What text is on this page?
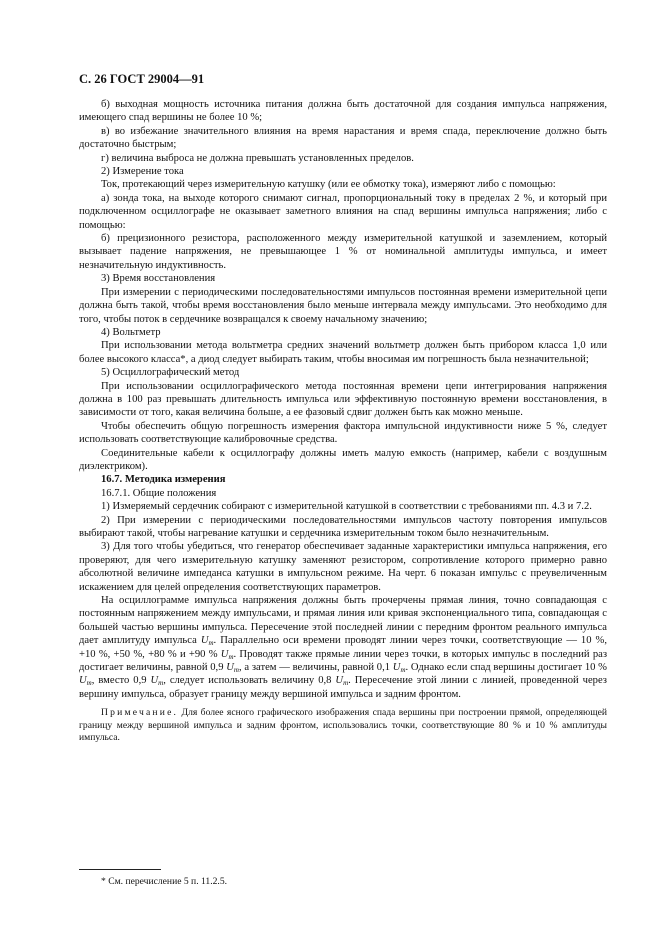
С. 26 ГОСТ 29004—91

б) выходная мощность источника питания должна быть достаточной для создания импульса напряжения, имеющего спад вершины не более 10 %;

в) во избежание значительного влияния на время нарастания и время спада, переключение должно быть достаточно быстрым;

г) величина выброса не должна превышать установленных пределов.

2) Измерение тока

Ток, протекающий через измерительную катушку (или ее обмотку тока), измеряют либо с помощью:

а) зонда тока, на выходе которого снимают сигнал, пропорциональный току в пределах 2 %, и который при подключенном осциллографе не оказывает заметного влияния на спад вершины импульса напряжения; либо с помощью:

б) прецизионного резистора, расположенного между измерительной катушкой и заземлением, который вызывает падение напряжения, не превышающее 1 % от номинальной амплитуды импульса, и имеет незначительную индуктивность.

3) Время восстановления

При измерении с периодическими последовательностями импульсов постоянная времени измерительной цепи должна быть такой, чтобы время восстановления было меньше интервала между импульсами. Это необходимо для того, чтобы поток в сердечнике возвращался к своему начальному значению;

4) Вольтметр

При использовании метода вольтметра средних значений вольтметр должен быть прибором класса 1,0 или более высокого класса*, а диод следует выбирать таким, чтобы вносимая им погрешность была незначительной;

5) Осциллографический метод

При использовании осциллографического метода постоянная времени цепи интегрирования напряжения должна в 100 раз превышать длительность импульса или эффективную постоянную времени восстановления, в зависимости от того, какая величина больше, а ее фазовый сдвиг должен быть как можно меньше.

Чтобы обеспечить общую погрешность измерения фактора импульсной индуктивности ниже 5 %, следует использовать соответствующие калибровочные средства.

Соединительные кабели к осциллографу должны иметь малую емкость (например, кабели с воздушным диэлектриком).

16.7. Методика измерения

16.7.1. Общие положения

1) Измеряемый сердечник собирают с измерительной катушкой в соответствии с требованиями пп. 4.3 и 7.2.

2) При измерении с периодическими последовательностями импульсов частоту повторения импульсов выбирают такой, чтобы нагревание катушки и сердечника измерительным током было незначительным.

3) Для того чтобы убедиться, что генератор обеспечивает заданные характеристики импульса напряжения, его проверяют, для чего измерительную катушку заменяют резистором, сопротивление которого примерно равно абсолютной величине импеданса катушки в импульсном режиме. На черт. 6 показан импульс с преувеличенным искажением для целей определения соответствующих параметров.

На осциллограмме импульса напряжения должны быть прочерчены прямая линия, точно совпадающая с постоянным напряжением между импульсами, и прямая линия или кривая экспоненциального типа, совпадающая с большей частью вершины импульса. Пересечение этой последней линии с передним фронтом реального импульса дает амплитуду импульса $U_m$. Параллельно оси времени проводят линии через точки, соответствующие — 10 %, +10 %, +50 %, +80 % и +90 % $U_m$. Проводят также прямые линии через точки, в которых импульс в последний раз достигает величины, равной 0,9 $U_m$, а затем — величины, равной 0,1 $U_m$. Однако если спад вершины достигает 10 % $U_m$, вместо 0,9 $U_m$, следует использовать величину 0,8 $U_m$. Пересечение этой линии с линией, проведенной через вершину импульса, образует границу между вершиной импульса и задним фронтом.

Примечание. Для более ясного графического изображения спада вершины при построении прямой, определяющей границу между вершиной импульса и задним фронтом, использовались точки, соответствующие 80 % и 10 % амплитуды импульса.

* См. перечисление 5 п. 11.2.5.
